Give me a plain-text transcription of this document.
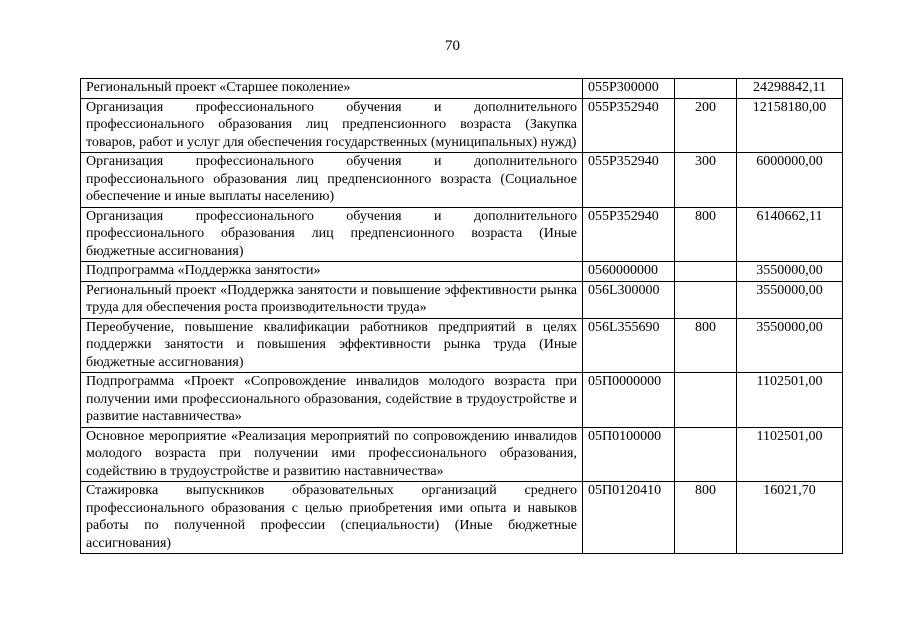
70
Региональный проект «Старшее поколение»	055P300000		24298842,11
Организация профессионального обучения и дополнительного профессионального образования лиц предпенсионного возраста (Закупка товаров, работ и услуг для обеспечения государственных (муниципальных) нужд)	055P352940	200	12158180,00
Организация профессионального обучения и дополнительного профессионального образования лиц предпенсионного возраста (Социальное обеспечение и иные выплаты населению)	055P352940	300	6000000,00
Организация профессионального обучения и дополнительного профессионального образования лиц предпенсионного возраста (Иные бюджетные ассигнования)	055P352940	800	6140662,11
Подпрограмма «Поддержка занятости»	0560000000		3550000,00
Региональный проект «Поддержка занятости и повышение эффективности рынка труда для обеспечения роста производительности труда»	056L300000		3550000,00
Переобучение, повышение квалификации работников предприятий в целях поддержки занятости и повышения эффективности рынка труда (Иные бюджетные ассигнования)	056L355690	800	3550000,00
Подпрограмма «Проект «Сопровождение инвалидов молодого возраста при получении ими профессионального образования, содействие в трудоустройстве и развитие наставничества»	05П0000000		1102501,00
Основное мероприятие «Реализация мероприятий по сопровождению инвалидов молодого возраста при получении ими профессионального образования, содействию в трудоустройстве и развитию наставничества»	05П0100000		1102501,00
Стажировка выпускников образовательных организаций среднего профессионального образования с целью приобретения ими опыта и навыков работы по полученной профессии (специальности) (Иные бюджетные ассигнования)	05П0120410	800	16021,70
